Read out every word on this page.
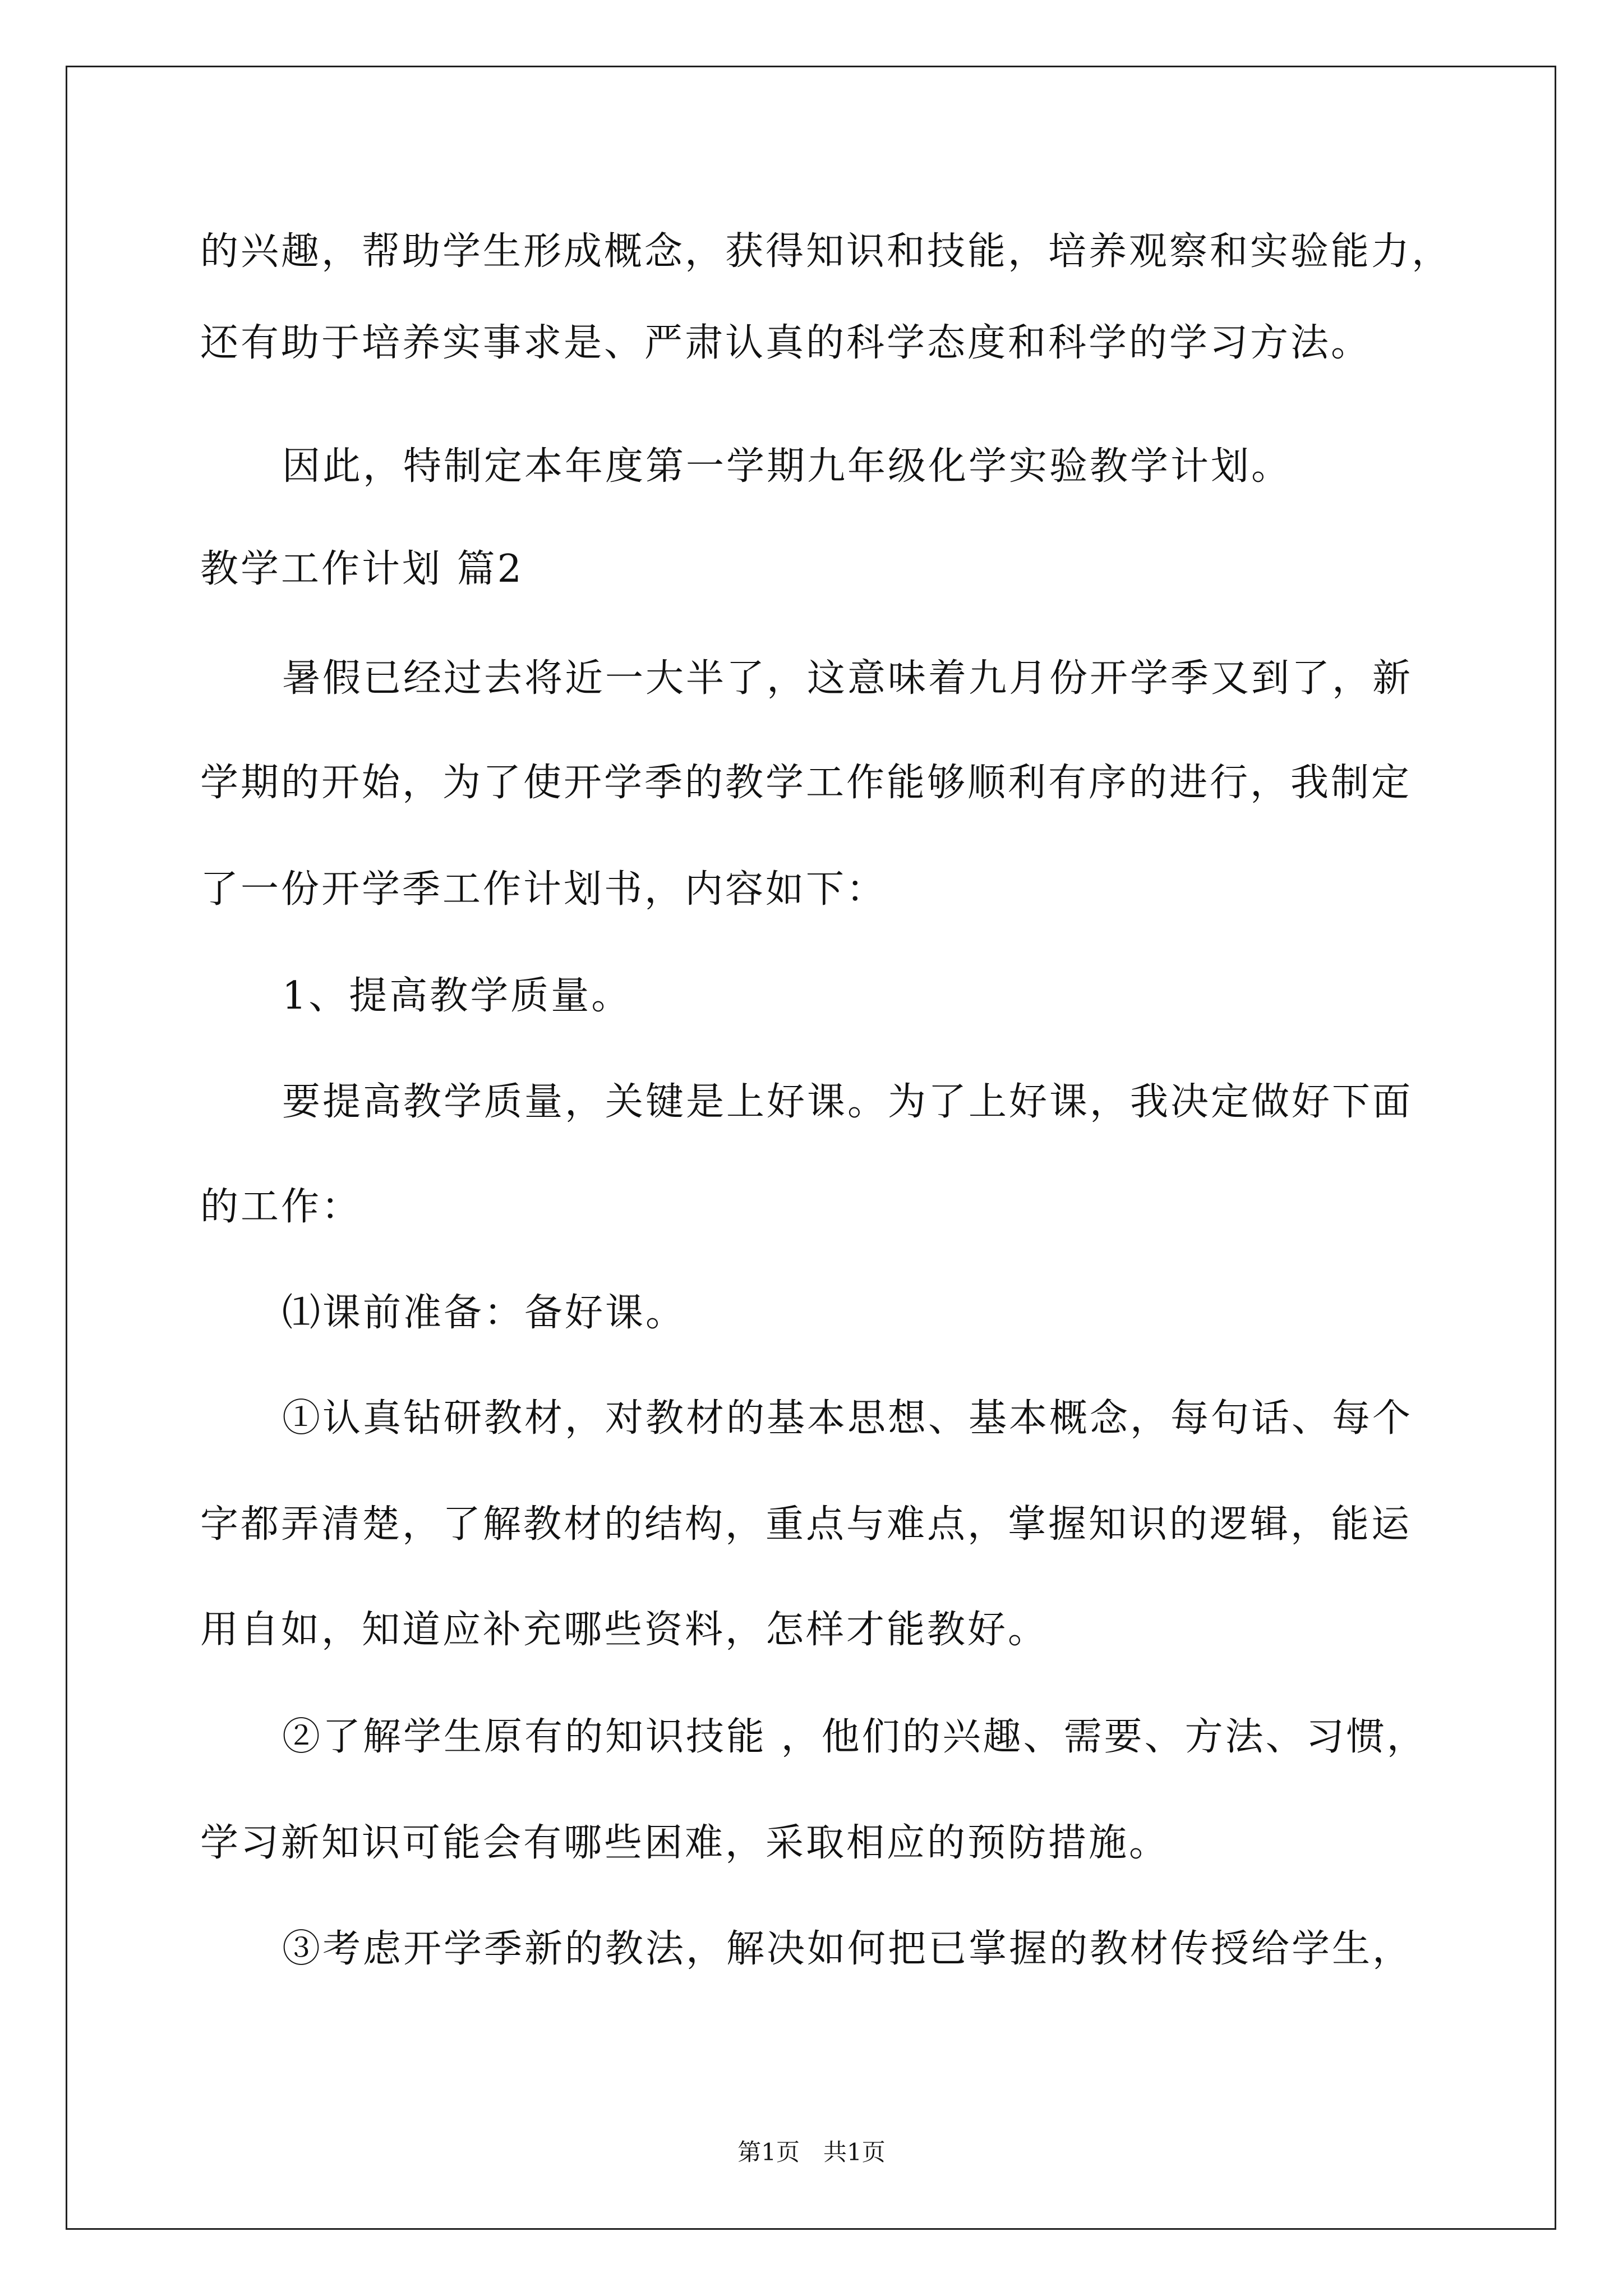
的兴趣，帮助学生形成概念，获得知识和技能，培养观察和实验能力，
还有助于培养实事求是、严肃认真的科学态度和科学的学习方法。
因此，特制定本年度第一学期九年级化学实验教学计划。
教学工作计划 篇2
暑假已经过去将近一大半了，这意味着九月份开学季又到了，新
学期的开始，为了使开学季的教学工作能够顺利有序的进行，我制定
了一份开学季工作计划书，内容如下：
1、提高教学质量。
要提高教学质量，关键是上好课。为了上好课，我决定做好下面
的工作：
⑴课前准备：备好课。
①认真钻研教材，对教材的基本思想、基本概念，每句话、每个
字都弄清楚，了解教材的结构，重点与难点，掌握知识的逻辑，能运
用自如，知道应补充哪些资料，怎样才能教好。
②了解学生原有的知识技能 ，他们的兴趣、需要、方法、习惯，
学习新知识可能会有哪些困难，采取相应的预防措施。
③考虑开学季新的教法，解决如何把已掌握的教材传授给学生，
第1页　共1页
